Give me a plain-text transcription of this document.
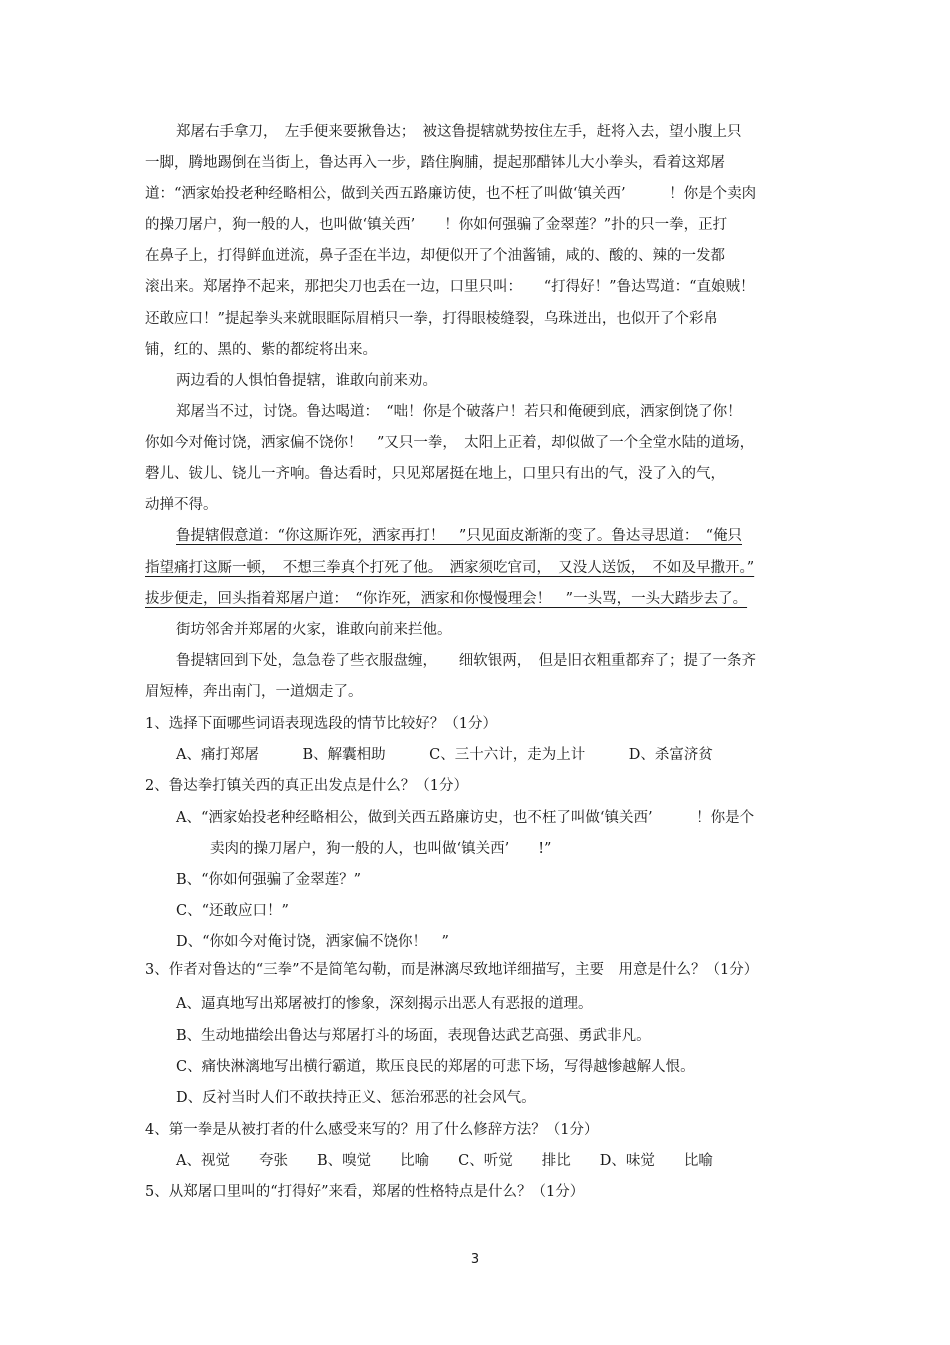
郑屠右手拿刀，　左手便来要揪鲁达；　被这鲁提辖就势按住左手，赶将入去，望小腹上只
一脚，腾地踢倒在当街上，鲁达再入一步，踏住胸脯，提起那醋钵儿大小拳头，看着这郑屠
道：“洒家始投老种经略相公，做到关西五路廉访使，也不枉了叫做‘镇关西’　　　！你是个卖肉
的操刀屠户，狗一般的人，也叫做‘镇关西’　　！你如何强骗了金翠莲？”扑的只一拳，正打
在鼻子上，打得鲜血迸流，鼻子歪在半边，却便似开了个油酱铺，咸的、酸的、辣的一发都
滚出来。郑屠挣不起来，那把尖刀也丢在一边，口里只叫：　　“打得好！”鲁达骂道：“直娘贼！
还敢应口！”提起拳头来就眼眶际眉梢只一拳，打得眼棱缝裂，乌珠迸出，也似开了个彩帛
铺，红的、黑的、紫的都绽将出来。
两边看的人惧怕鲁提辖，谁敢向前来劝。
郑屠当不过，讨饶。鲁达喝道：　“咄！你是个破落户！若只和俺硬到底，洒家倒饶了你！
你如今对俺讨饶，洒家偏不饶你！　”又只一拳，　太阳上正着，却似做了一个全堂水陆的道场，
磬儿、钹儿、铙儿一齐响。鲁达看时，只见郑屠挺在地上，口里只有出的气，没了入的气，
动掸不得。
鲁提辖假意道：“你这厮诈死，洒家再打！　”只见面皮渐渐的变了。鲁达寻思道：　“俺只
指望痛打这厮一顿，　不想三拳真个打死了他。　洒家须吃官司，　又没人送饭，　不如及早撒开。”
拔步便走，回头指着郑屠户道：　“你诈死，洒家和你慢慢理会！　”一头骂，一头大踏步去了。
街坊邻舍并郑屠的火家，谁敢向前来拦他。
鲁提辖回到下处，急急卷了些衣服盘缠，　　细软银两，　但是旧衣粗重都弃了；提了一条齐
眉短棒，奔出南门，一道烟走了。
1、选择下面哪些词语表现选段的情节比较好？（1分）
A、痛打郑屠　　　B、解囊相助　　　C、三十六计，走为上计　　　D、杀富济贫
2、鲁达拳打镇关西的真正出发点是什么？（1分）
A、“洒家始投老种经略相公，做到关西五路廉访史，也不枉了叫做‘镇关西’　　　！你是个
卖肉的操刀屠户，狗一般的人，也叫做‘镇关西’　　!”
B、“你如何强骗了金翠莲？”
C、“还敢应口！”
D、“你如今对俺讨饶，洒家偏不饶你！　”
3、作者对鲁达的“三拳”不是简笔勾勒，而是淋漓尽致地详细描写，主要　用意是什么？（1分）
A、逼真地写出郑屠被打的惨象，深刻揭示出恶人有恶报的道理。
B、生动地描绘出鲁达与郑屠打斗的场面，表现鲁达武艺高强、勇武非凡。
C、痛快淋漓地写出横行霸道，欺压良民的郑屠的可悲下场，写得越惨越解人恨。
D、反衬当时人们不敢扶持正义、惩治邪恶的社会风气。
4、第一拳是从被打者的什么感受来写的？用了什么修辞方法？（1分）
A、视觉　　夸张　　B、嗅觉　　比喻　　C、听觉　　排比　　D、味觉　　比喻
5、从郑屠口里叫的“打得好”来看，郑屠的性格特点是什么？（1分）
3
